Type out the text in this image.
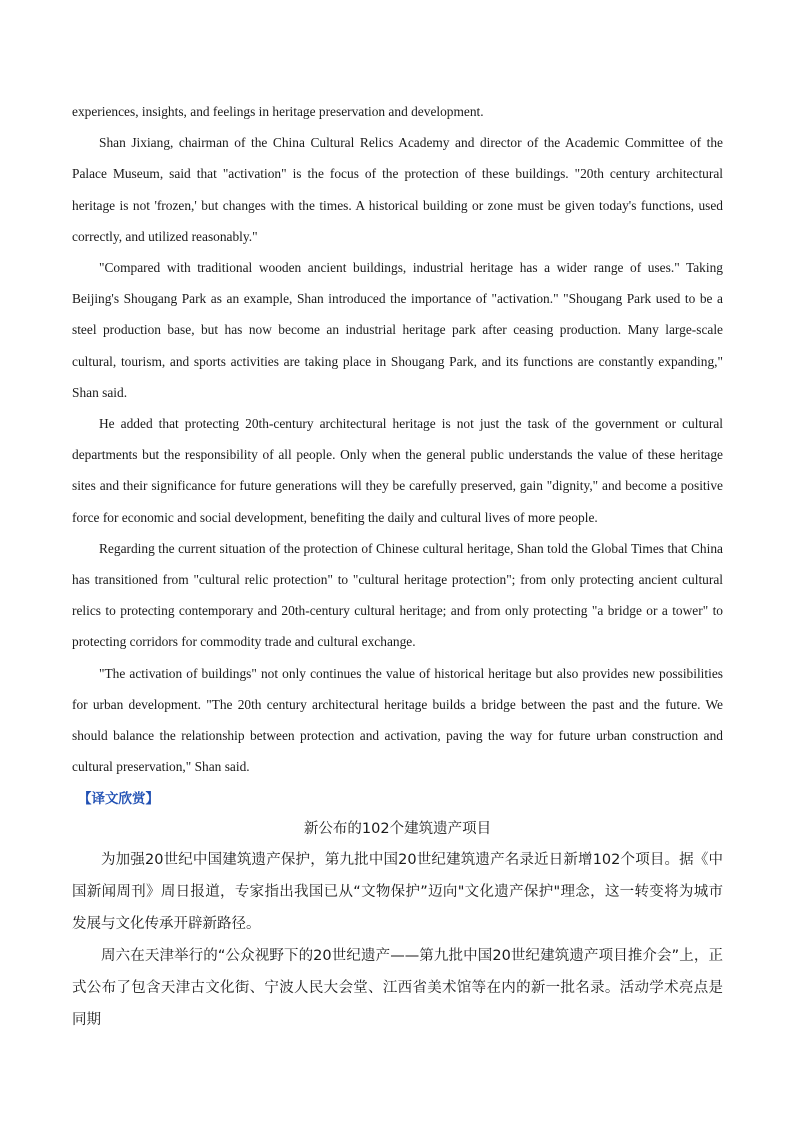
experiences, insights, and feelings in heritage preservation and development.

Shan Jixiang, chairman of the China Cultural Relics Academy and director of the Academic Committee of the Palace Museum, said that "activation" is the focus of the protection of these buildings. "20th century architectural heritage is not 'frozen,' but changes with the times. A historical building or zone must be given today's functions, used correctly, and utilized reasonably."

"Compared with traditional wooden ancient buildings, industrial heritage has a wider range of uses." Taking Beijing's Shougang Park as an example, Shan introduced the importance of "activation." "Shougang Park used to be a steel production base, but has now become an industrial heritage park after ceasing production. Many large-scale cultural, tourism, and sports activities are taking place in Shougang Park, and its functions are constantly expanding," Shan said.

He added that protecting 20th-century architectural heritage is not just the task of the government or cultural departments but the responsibility of all people. Only when the general public understands the value of these heritage sites and their significance for future generations will they be carefully preserved, gain "dignity," and become a positive force for economic and social development, benefiting the daily and cultural lives of more people.

Regarding the current situation of the protection of Chinese cultural heritage, Shan told the Global Times that China has transitioned from "cultural relic protection" to "cultural heritage protection"; from only protecting ancient cultural relics to protecting contemporary and 20th-century cultural heritage; and from only protecting "a bridge or a tower" to protecting corridors for commodity trade and cultural exchange.

"The activation of buildings" not only continues the value of historical heritage but also provides new possibilities for urban development. "The 20th century architectural heritage builds a bridge between the past and the future. We should balance the relationship between protection and activation, paving the way for future urban construction and cultural preservation," Shan said.

【译文欣赏】
新公布的102个建筑遗产项目

为加强20世纪中国建筑遗产保护，第九批中国20世纪建筑遗产名录近日新增102个项目。据《中国新闻周刊》周日报道，专家指出我国已从“文物保护”迈向"文化遗产保护"理念，这一转变将为城市发展与文化传承开辟新路径。

周六在天津举行的“公众视野下的20世纪遗产——第九批中国20世纪建筑遗产项目推介会”上，正式公布了包含天津古文化街、宁波人民大会堂、江西省美术馆等在内的新一批名录。活动学术亮点是同期
